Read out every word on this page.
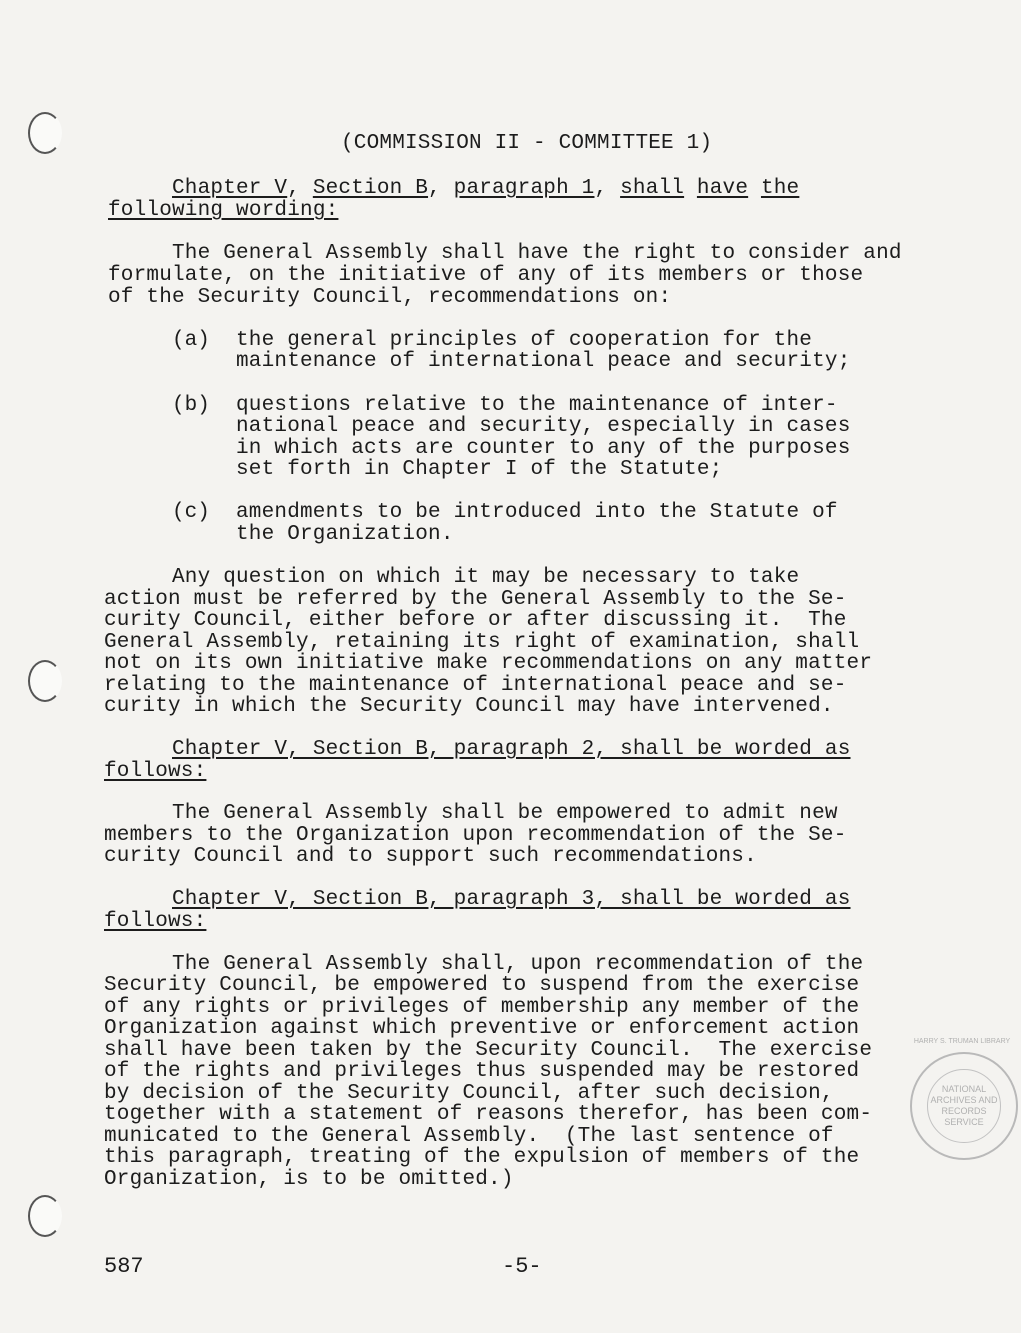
(COMMISSION II - COMMITTEE 1)
Chapter V, Section B, paragraph 1, shall have the
following wording:
The General Assembly shall have the right to consider and
formulate, on the initiative of any of its members or those
of the Security Council, recommendations on:
(a) the general principles of cooperation for the
maintenance of international peace and security;
(b) questions relative to the maintenance of inter-
national peace and security, especially in cases
in which acts are counter to any of the purposes
set forth in Chapter I of the Statute;
(c) amendments to be introduced into the Statute of
the Organization.
Any question on which it may be necessary to take
action must be referred by the General Assembly to the Se-
curity Council, either before or after discussing it.  The
General Assembly, retaining its right of examination, shall
not on its own initiative make recommendations on any matter
relating to the maintenance of international peace and se-
curity in which the Security Council may have intervened.
Chapter V, Section B, paragraph 2, shall be worded as
follows:
The General Assembly shall be empowered to admit new
members to the Organization upon recommendation of the Se-
curity Council and to support such recommendations.
Chapter V, Section B, paragraph 3, shall be worded as
follows:
The General Assembly shall, upon recommendation of the
Security Council, be empowered to suspend from the exercise
of any rights or privileges of membership any member of the
Organization against which preventive or enforcement action
shall have been taken by the Security Council.  The exercise
of the rights and privileges thus suspended may be restored
by decision of the Security Council, after such decision,
together with a statement of reasons therefor, has been com-
municated to the General Assembly.  (The last sentence of
this paragraph, treating of the expulsion of members of the
Organization, is to be omitted.)
NATIONAL
ARCHIVES AND
RECORDS
SERVICE
HARRY S. TRUMAN LIBRARY
587	-5-
